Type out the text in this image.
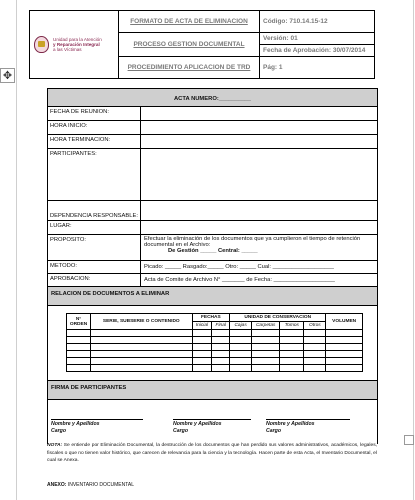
✥
Unidad para la Atención
y Reparación Integral
a las Víctimas	FORMATO DE ACTA DE ELIMINACION	Código: 710.14.15-12
	PROCESO GESTION DOCUMENTAL	Versión: 01
Fecha de Aprobación: 30/07/2014

	PROCEDIMIENTO APLICACION DE TRD	Pág: 1
ACTA NUMERO:__________
FECHA DE REUNION:	
HORA INICIO:	
HORA TERMINACION:	
PARTICIPANTES:	
DEPENDENCIA RESPONSABLE:	
LUGAR:	
PROPOSITO:	Efectuar la eliminación de los documentos que ya cumplieron el tiempo de retención documental en el Archivo:
De Gestión _____ Central: _____

METODO:	Picado: _____ Rasgado:_____ Otro: _____ Cual: ___________________
APROBACION:	Acta de Comite de Archivo N° _______ de Fecha: ___________________
RELACION DE DOCUMENTOS A ELIMINAR

N° ORDEN	SERIE, SUBSERIE O CONTENIDO	FECHAS	UNIDAD DE CONSERVACION	VOLUMEN

Inicial	Final	Cajas	Carpetas	Tomos	Otros

FIRMA DE PARTICIPANTES

Nombre y Apellidos
Cargo
Nombre y Apellidos
Cargo
Nombre y Apellidos
Cargo
NOTA: Se entiende por Eliminación Documental, la destrucción de los documentos que han perdido sus valores administrativos, académicos, legales, fiscales o que no tienen valor histórico, que carecen de relevancia para la ciencia y la tecnología. Hacen parte de esta Acta, el Inventario Documental, el cual se Anexa.
ANEXO: INVENTARIO DOCUMENTAL
